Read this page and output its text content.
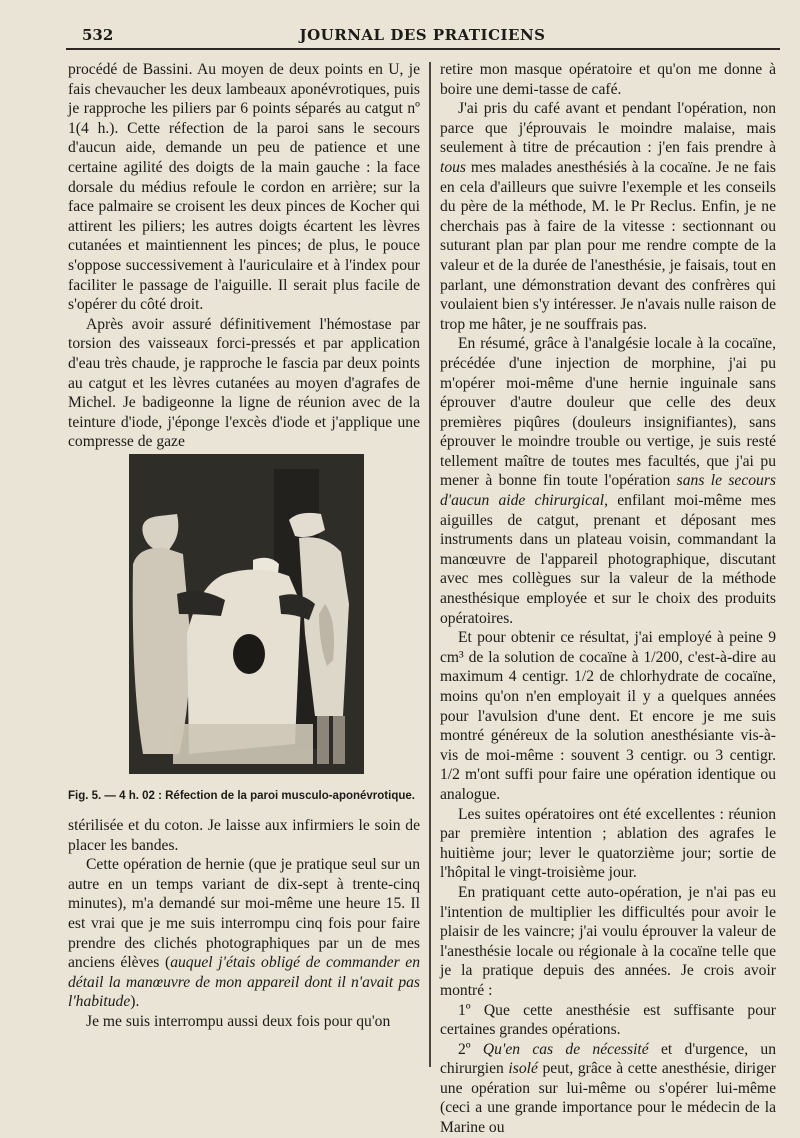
532	JOURNAL DES PRATICIENS

procédé de Bassini. Au moyen de deux points en U, je fais chevaucher les deux lambeaux aponévrotiques, puis je rapproche les piliers par 6 points séparés au catgut nº 1(4 h.). Cette réfection de la paroi sans le secours d'aucun aide, demande un peu de patience et une certaine agilité des doigts de la main gauche : la face dorsale du médius refoule le cordon en arrière; sur la face palmaire se croisent les deux pinces de Kocher qui attirent les piliers; les autres doigts écartent les lèvres cutanées et maintiennent les pinces; de plus, le pouce s'oppose successivement à l'auriculaire et à l'index pour faciliter le passage de l'aiguille. Il serait plus facile de s'opérer du côté droit.

Après avoir assuré définitivement l'hémostase par torsion des vaisseaux forci-pressés et par application d'eau très chaude, je rapproche le fascia par deux points au catgut et les lèvres cutanées au moyen d'agrafes de Michel. Je badigeonne la ligne de réunion avec de la teinture d'iode, j'éponge l'excès d'iode et j'applique une compresse de gaze

Fig. 5. — 4 h. 02 : Réfection de la paroi musculo-aponévrotique.

stérilisée et du coton. Je laisse aux infirmiers le soin de placer les bandes.

Cette opération de hernie (que je pratique seul sur un autre en un temps variant de dix-sept à trente-cinq minutes), m'a demandé sur moi-même une heure 15. Il est vrai que je me suis interrompu cinq fois pour faire prendre des clichés photographiques par un de mes anciens élèves (auquel j'étais obligé de commander en détail la manœuvre de mon appareil dont il n'avait pas l'habitude).

Je me suis interrompu aussi deux fois pour qu'on

retire mon masque opératoire et qu'on me donne à boire une demi-tasse de café.

J'ai pris du café avant et pendant l'opération, non parce que j'éprouvais le moindre malaise, mais seulement à titre de précaution : j'en fais prendre à tous mes malades anesthésiés à la cocaïne. Je ne fais en cela d'ailleurs que suivre l'exemple et les conseils du père de la méthode, M. le Pr Reclus. Enfin, je ne cherchais pas à faire de la vitesse : sectionnant ou suturant plan par plan pour me rendre compte de la valeur et de la durée de l'anesthésie, je faisais, tout en parlant, une démonstration devant des confrères qui voulaient bien s'y intéresser. Je n'avais nulle raison de trop me hâter, je ne souffrais pas.

En résumé, grâce à l'analgésie locale à la cocaïne, précédée d'une injection de morphine, j'ai pu m'opérer moi-même d'une hernie inguinale sans éprouver d'autre douleur que celle des deux premières piqûres (douleurs insignifiantes), sans éprouver le moindre trouble ou vertige, je suis resté tellement maître de toutes mes facultés, que j'ai pu mener à bonne fin toute l'opération sans le secours d'aucun aide chirurgical, enfilant moi-même mes aiguilles de catgut, prenant et déposant mes instruments dans un plateau voisin, commandant la manœuvre de l'appareil photographique, discutant avec mes collègues sur la valeur de la méthode anesthésique employée et sur le choix des produits opératoires.

Et pour obtenir ce résultat, j'ai employé à peine 9 cm³ de la solution de cocaïne à 1/200, c'est-à-dire au maximum 4 centigr. 1/2 de chlorhydrate de cocaïne, moins qu'on n'en employait il y a quelques années pour l'avulsion d'une dent. Et encore je me suis montré généreux de la solution anesthésiante vis-à-vis de moi-même : souvent 3 centigr. ou 3 centigr. 1/2 m'ont suffi pour faire une opération identique ou analogue.

Les suites opératoires ont été excellentes : réunion par première intention ; ablation des agrafes le huitième jour; lever le quatorzième jour; sortie de l'hôpital le vingt-troisième jour.

En pratiquant cette auto-opération, je n'ai pas eu l'intention de multiplier les difficultés pour avoir le plaisir de les vaincre; j'ai voulu éprouver la valeur de l'anesthésie locale ou régionale à la cocaïne telle que je la pratique depuis des années. Je crois avoir montré :

1º Que cette anesthésie est suffisante pour certaines grandes opérations.

2º Qu'en cas de nécessité et d'urgence, un chirurgien isolé peut, grâce à cette anesthésie, diriger une opération sur lui-même ou s'opérer lui-même (ceci a une grande importance pour le médecin de la Marine ou
